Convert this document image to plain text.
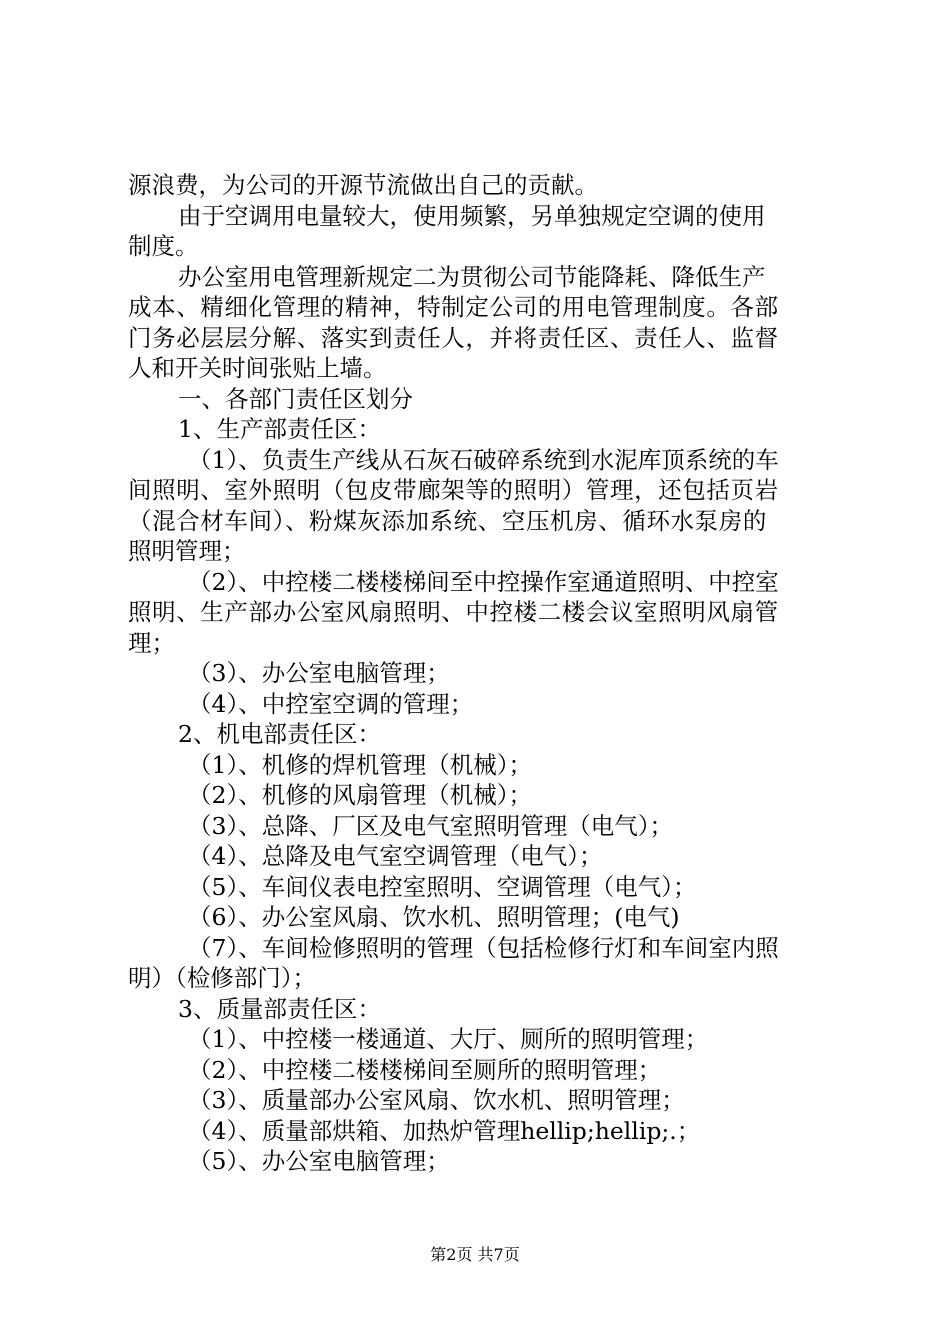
源浪费，为公司的开源节流做出自己的贡献。
由于空调用电量较大，使用频繁，另单独规定空调的使用
制度。
办公室用电管理新规定二为贯彻公司节能降耗、降低生产
成本、精细化管理的精神，特制定公司的用电管理制度。各部
门务必层层分解、落实到责任人，并将责任区、责任人、监督
人和开关时间张贴上墙。
一、各部门责任区划分
1、生产部责任区：
（1）、负责生产线从石灰石破碎系统到水泥库顶系统的车
间照明、室外照明（包皮带廊架等的照明）管理，还包括页岩
（混合材车间）、粉煤灰添加系统、空压机房、循环水泵房的
照明管理；
（2）、中控楼二楼楼梯间至中控操作室通道照明、中控室
照明、生产部办公室风扇照明、中控楼二楼会议室照明风扇管
理；
（3）、办公室电脑管理；
（4）、中控室空调的管理；
2、机电部责任区：
（1）、机修的焊机管理（机械）；
（2）、机修的风扇管理（机械）；
（3）、总降、厂区及电气室照明管理（电气）；
（4）、总降及电气室空调管理（电气）；
（5）、车间仪表电控室照明、空调管理（电气）；
（6）、办公室风扇、饮水机、照明管理；(电气)
（7）、车间检修照明的管理（包括检修行灯和车间室内照
明）（检修部门）；
3、质量部责任区：
（1）、中控楼一楼通道、大厅、厕所的照明管理；
（2）、中控楼二楼楼梯间至厕所的照明管理；
（3）、质量部办公室风扇、饮水机、照明管理；
（4）、质量部烘箱、加热炉管理hellip;hellip;.；
（5）、办公室电脑管理；
第2页 共7页
